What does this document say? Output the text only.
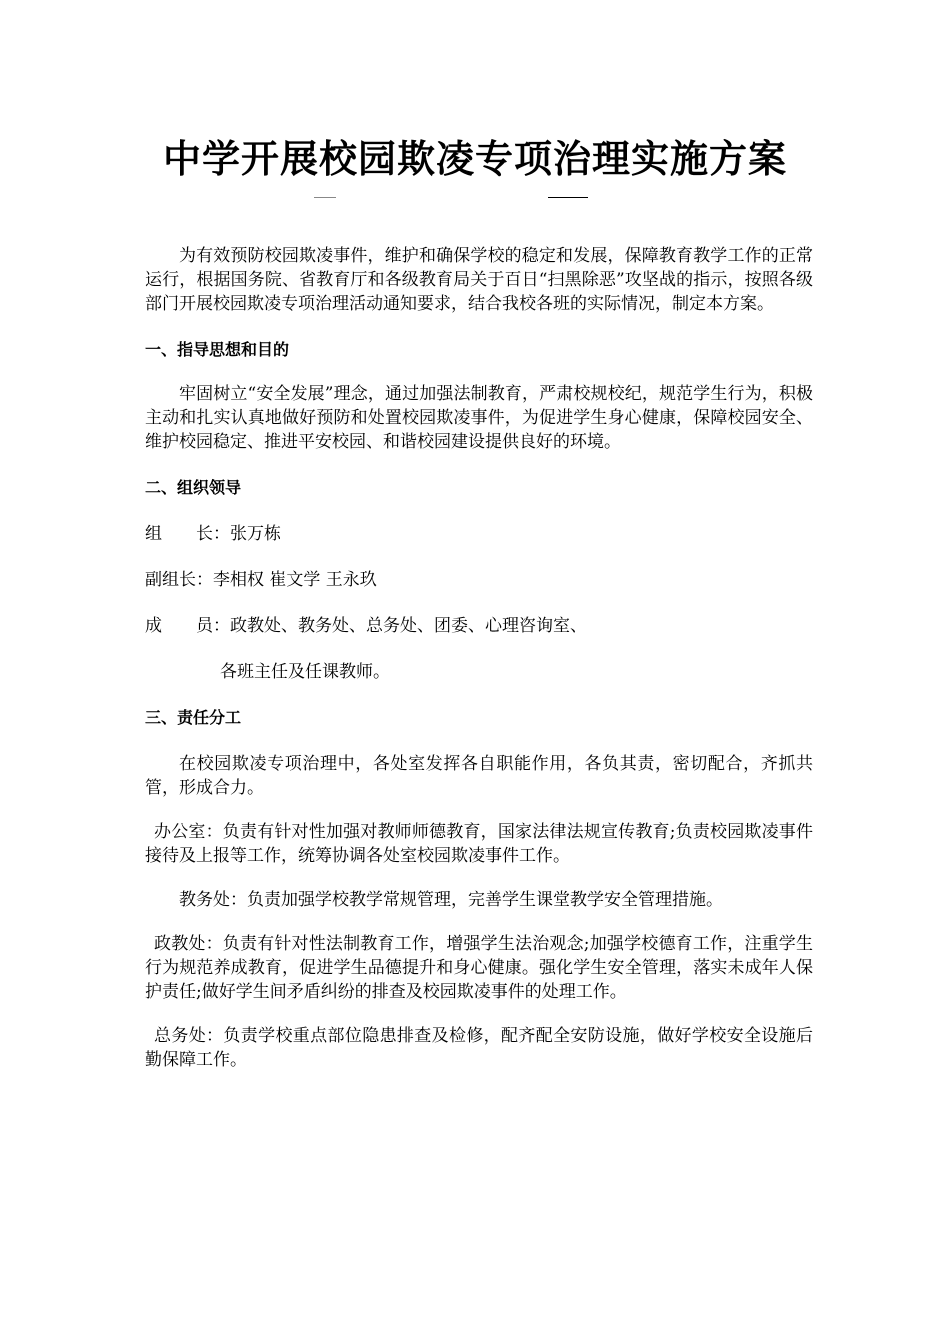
中学开展校园欺凌专项治理实施方案

为有效预防校园欺凌事件，维护和确保学校的稳定和发展，保障教育教学工作的正常运行，根据国务院、省教育厅和各级教育局关于百日“扫黑除恶”攻坚战的指示，按照各级部门开展校园欺凌专项治理活动通知要求，结合我校各班的实际情况，制定本方案。

一、指导思想和目的

牢固树立“安全发展”理念，通过加强法制教育，严肃校规校纪，规范学生行为，积极主动和扎实认真地做好预防和处置校园欺凌事件，为促进学生身心健康，保障校园安全、维护校园稳定、推进平安校园、和谐校园建设提供良好的环境。

二、组织领导

组　　长：张万栋

副组长：李相权 崔文学 王永玖

成　　员：政教处、教务处、总务处、团委、心理咨询室、

各班主任及任课教师。

三、责任分工

在校园欺凌专项治理中，各处室发挥各自职能作用，各负其责，密切配合，齐抓共管，形成合力。

办公室：负责有针对性加强对教师师德教育，国家法律法规宣传教育;负责校园欺凌事件接待及上报等工作，统筹协调各处室校园欺凌事件工作。

教务处：负责加强学校教学常规管理，完善学生课堂教学安全管理措施。

政教处：负责有针对性法制教育工作，增强学生法治观念;加强学校德育工作，注重学生行为规范养成教育，促进学生品德提升和身心健康。强化学生安全管理，落实未成年人保护责任;做好学生间矛盾纠纷的排查及校园欺凌事件的处理工作。

总务处：负责学校重点部位隐患排查及检修，配齐配全安防设施，做好学校安全设施后勤保障工作。
